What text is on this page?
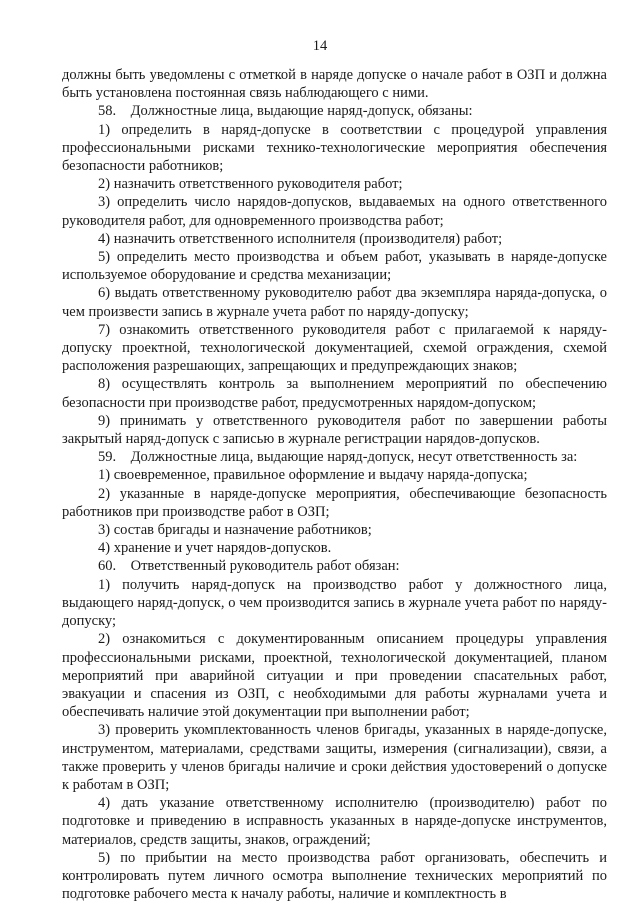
14

должны быть уведомлены с отметкой в наряде допуске о начале работ в ОЗП и должна быть установлена постоянная связь наблюдающего с ними.

58. Должностные лица, выдающие наряд-допуск, обязаны:

1) определить в наряд-допуске в соответствии с процедурой управления профессиональными рисками технико-технологические мероприятия обеспечения безопасности работников;

2) назначить ответственного руководителя работ;

3) определить число нарядов-допусков, выдаваемых на одного ответственного руководителя работ, для одновременного производства работ;

4) назначить ответственного исполнителя (производителя) работ;

5) определить место производства и объем работ, указывать в наряде-допуске используемое оборудование и средства механизации;

6) выдать ответственному руководителю работ два экземпляра наряда-допуска, о чем произвести запись в журнале учета работ по наряду-допуску;

7) ознакомить ответственного руководителя работ с прилагаемой к наряду-допуску проектной, технологической документацией, схемой ограждения, схемой расположения разрешающих, запрещающих и предупреждающих знаков;

8) осуществлять контроль за выполнением мероприятий по обеспечению безопасности при производстве работ, предусмотренных нарядом-допуском;

9) принимать у ответственного руководителя работ по завершении работы закрытый наряд-допуск с записью в журнале регистрации нарядов-допусков.

59. Должностные лица, выдающие наряд-допуск, несут ответственность за:

1) своевременное, правильное оформление и выдачу наряда-допуска;

2) указанные в наряде-допуске мероприятия, обеспечивающие безопасность работников при производстве работ в ОЗП;

3) состав бригады и назначение работников;

4) хранение и учет нарядов-допусков.

60. Ответственный руководитель работ обязан:

1) получить наряд-допуск на производство работ у должностного лица, выдающего наряд-допуск, о чем производится запись в журнале учета работ по наряду-допуску;

2) ознакомиться с документированным описанием процедуры управления профессиональными рисками, проектной, технологической документацией, планом мероприятий при аварийной ситуации и при проведении спасательных работ, эвакуации и спасения из ОЗП, с необходимыми для работы журналами учета и обеспечивать наличие этой документации при выполнении работ;

3) проверить укомплектованность членов бригады, указанных в наряде-допуске, инструментом, материалами, средствами защиты, измерения (сигнализации), связи, а также проверить у членов бригады наличие и сроки действия удостоверений о допуске к работам в ОЗП;

4) дать указание ответственному исполнителю (производителю) работ по подготовке и приведению в исправность указанных в наряде-допуске инструментов, материалов, средств защиты, знаков, ограждений;

5) по прибытии на место производства работ организовать, обеспечить и контролировать путем личного осмотра выполнение технических мероприятий по подготовке рабочего места к началу работы, наличие и комплектность в
